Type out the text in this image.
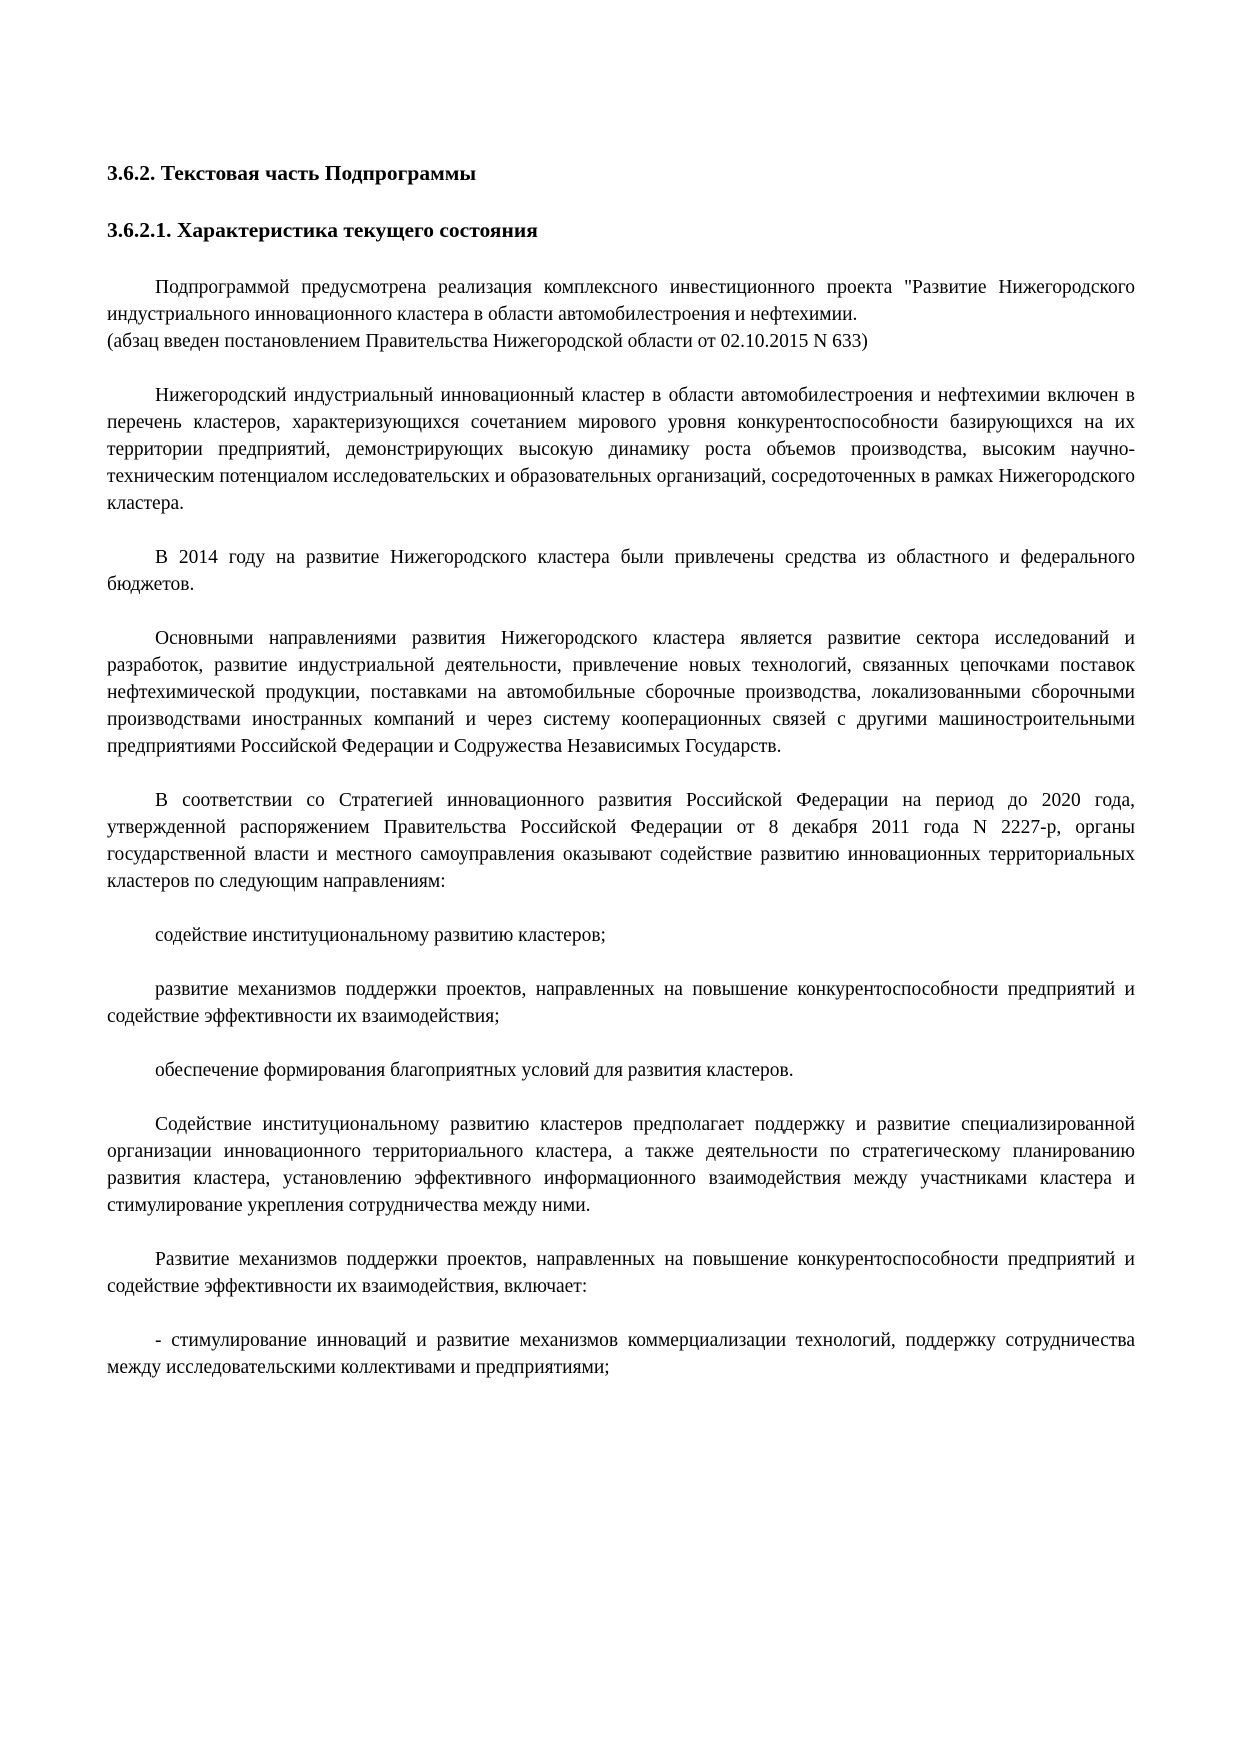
3.6.2. Текстовая часть Подпрограммы
3.6.2.1. Характеристика текущего состояния

Подпрограммой предусмотрена реализация комплексного инвестиционного проекта "Развитие Нижегородского индустриального инновационного кластера в области автомобилестроения и нефтехимии.

(абзац введен постановлением Правительства Нижегородской области от 02.10.2015 N 633)

Нижегородский индустриальный инновационный кластер в области автомобилестроения и нефтехимии включен в перечень кластеров, характеризующихся сочетанием мирового уровня конкурентоспособности базирующихся на их территории предприятий, демонстрирующих высокую динамику роста объемов производства, высоким научно-техническим потенциалом исследовательских и образовательных организаций, сосредоточенных в рамках Нижегородского кластера.

В 2014 году на развитие Нижегородского кластера были привлечены средства из областного и федерального бюджетов.

Основными направлениями развития Нижегородского кластера является развитие сектора исследований и разработок, развитие индустриальной деятельности, привлечение новых технологий, связанных цепочками поставок нефтехимической продукции, поставками на автомобильные сборочные производства, локализованными сборочными производствами иностранных компаний и через систему кооперационных связей с другими машиностроительными предприятиями Российской Федерации и Содружества Независимых Государств.

В соответствии со Стратегией инновационного развития Российской Федерации на период до 2020 года, утвержденной распоряжением Правительства Российской Федерации от 8 декабря 2011 года N 2227-р, органы государственной власти и местного самоуправления оказывают содействие развитию инновационных территориальных кластеров по следующим направлениям:

содействие институциональному развитию кластеров;

развитие механизмов поддержки проектов, направленных на повышение конкурентоспособности предприятий и содействие эффективности их взаимодействия;

обеспечение формирования благоприятных условий для развития кластеров.

Содействие институциональному развитию кластеров предполагает поддержку и развитие специализированной организации инновационного территориального кластера, а также деятельности по стратегическому планированию развития кластера, установлению эффективного информационного взаимодействия между участниками кластера и стимулирование укрепления сотрудничества между ними.

Развитие механизмов поддержки проектов, направленных на повышение конкурентоспособности предприятий и содействие эффективности их взаимодействия, включает:

- стимулирование инноваций и развитие механизмов коммерциализации технологий, поддержку сотрудничества между исследовательскими коллективами и предприятиями;
